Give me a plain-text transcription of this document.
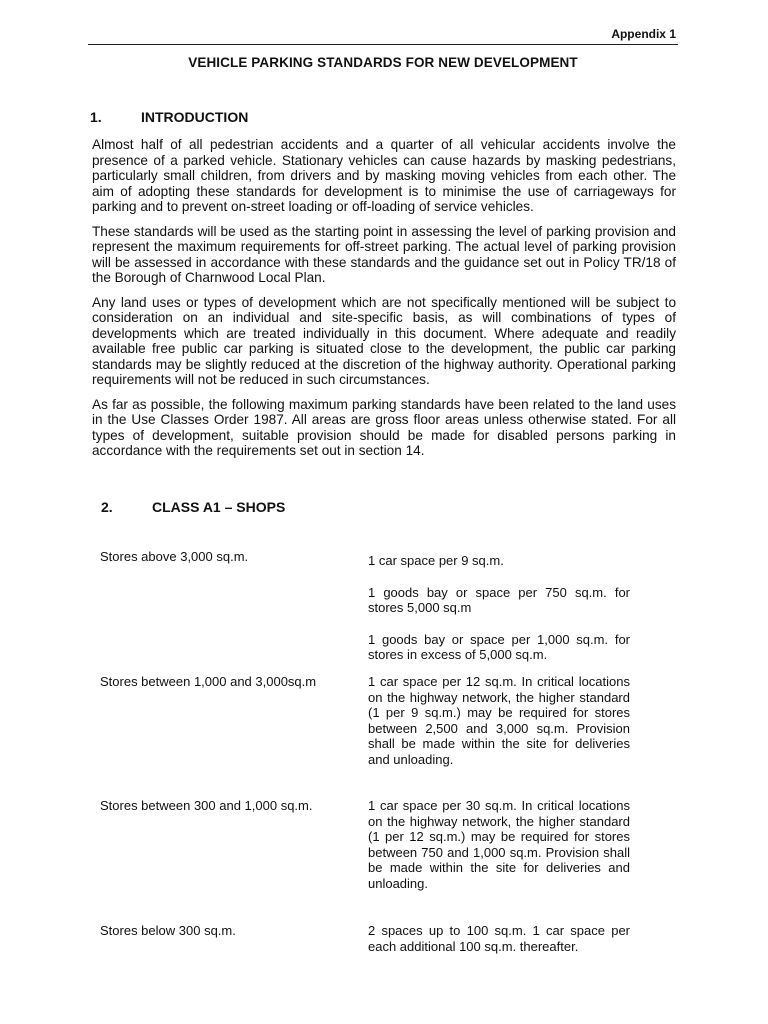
Appendix 1
VEHICLE PARKING STANDARDS FOR NEW DEVELOPMENT
1.	INTRODUCTION

Almost half of all pedestrian accidents and a quarter of all vehicular accidents involve the presence of a parked vehicle. Stationary vehicles can cause hazards by masking pedestrians, particularly small children, from drivers and by masking moving vehicles from each other. The aim of adopting these standards for development is to minimise the use of carriageways for parking and to prevent on-street loading or off-loading of service vehicles.

These standards will be used as the starting point in assessing the level of parking provision and represent the maximum requirements for off-street parking. The actual level of parking provision will be assessed in accordance with these standards and the guidance set out in Policy TR/18 of the Borough of Charnwood Local Plan.

Any land uses or types of development which are not specifically mentioned will be subject to consideration on an individual and site-specific basis, as will combinations of types of developments which are treated individually in this document. Where adequate and readily available free public car parking is situated close to the development, the public car parking standards may be slightly reduced at the discretion of the highway authority. Operational parking requirements will not be reduced in such circumstances.

As far as possible, the following maximum parking standards have been related to the land uses in the Use Classes Order 1987. All areas are gross floor areas unless otherwise stated. For all types of development, suitable provision should be made for disabled persons parking in accordance with the requirements set out in section 14.

2.	CLASS A1 – SHOPS
Stores above 3,000 sq.m.	1 car space per 9 sq.m.

1 goods bay or space per 750 sq.m. for stores 5,000 sq.m

1 goods bay or space per 1,000 sq.m. for stores in excess of 5,000 sq.m.

Stores between 1,000 and 3,000sq.m	1 car space per 12 sq.m. In critical locations on the highway network, the higher standard (1 per 9 sq.m.) may be required for stores between 2,500 and 3,000 sq.m. Provision shall be made within the site for deliveries and unloading.

Stores between 300 and 1,000 sq.m.	1 car space per 30 sq.m. In critical locations on the highway network, the higher standard (1 per 12 sq.m.) may be required for stores between 750 and 1,000 sq.m. Provision shall be made within the site for deliveries and unloading.

Stores below 300 sq.m.	2 spaces up to 100 sq.m. 1 car space per each additional 100 sq.m. thereafter.
